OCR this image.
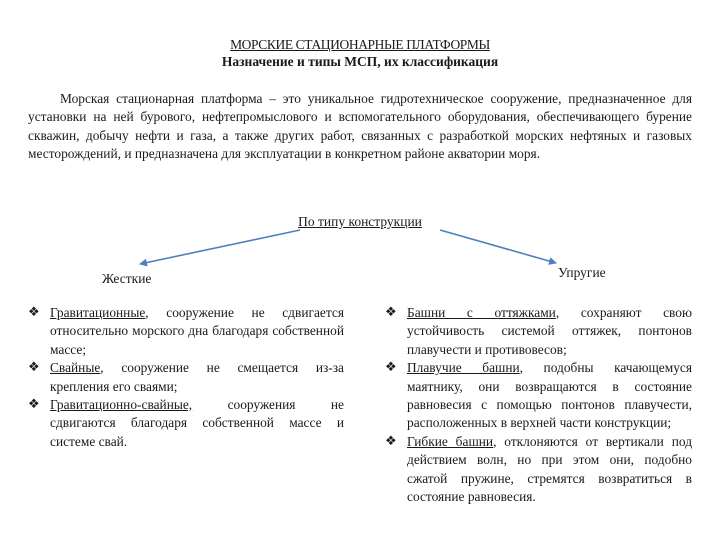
МОРСКИЕ СТАЦИОНАРНЫЕ ПЛАТФОРМЫ
Назначение и типы МСП, их классификация

Морская стационарная платформа – это уникальное гидротехническое сооружение, предназначенное для установки на ней бурового, нефтепромыслового и вспомогательного оборудования, обеспечивающего бурение скважин, добычу нефти и газа, а также других работ, связанных с разработкой морских нефтяных и газовых месторождений, и предназначена для эксплуатации в конкретном районе акватории моря.

По типу конструкции
Жесткие	Упругие
❖ Гравитационные, сооружение не сдвигается относительно морского дна благодаря собственной массе;
❖ Свайные, сооружение не смещается из-за крепления его сваями;
❖ Гравитационно-свайные, сооружения не сдвигаются благодаря собственной массе и системе свай.
❖ Башни с оттяжками, сохраняют свою устойчивость системой оттяжек, понтонов плавучести и противовесов;
❖ Плавучие башни, подобны качающемуся маятнику, они возвращаются в состояние равновесия с помощью понтонов плавучести, расположенных в верхней части конструкции;
❖ Гибкие башни, отклоняются от вертикали под действием волн, но при этом они, подобно сжатой пружине, стремятся возвратиться в состояние равновесия.
